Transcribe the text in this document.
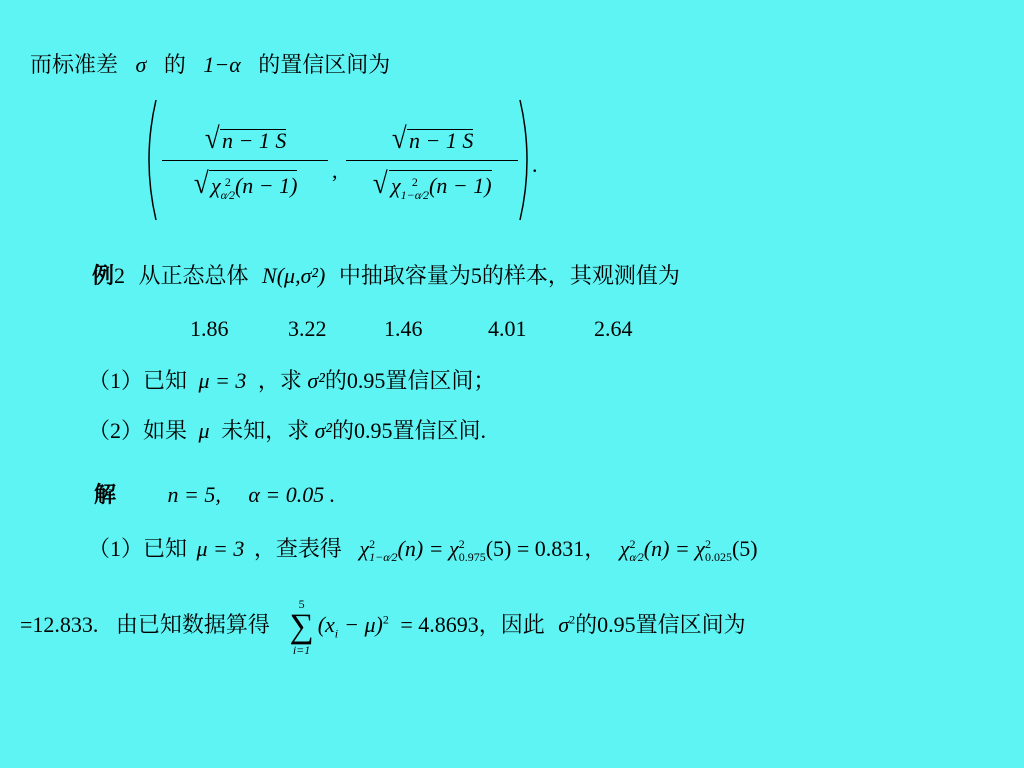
而标准差 σ 的 1−α 的置信区间为
√ n − 1 S
√ χ 2
α⁄2 (n − 1)
,
√ n − 1 S
√ χ 2
1−α⁄2 (n − 1)
.
例2 从正态总体 N(μ,σ²) 中抽取容量为5的样本，其观测值为
1.86	3.22	1.46	4.01	2.64
（1）已知 μ = 3 ，求 σ²的0.95置信区间；
（2）如果 μ 未知，求 σ²的0.95置信区间.
解 n = 5, α = 0.05 .
（1）已知 μ = 3 ，查表得 χ 2
1−α⁄2 (n) = χ 2
0.975 (5) = 0.831， χ 2
α⁄2 (n) = χ 2
0.025 (5)
=12.833. 由已知数据算得
5
∑
i=1
$(x_i - \mu)^2 = 4.8693$，因此 $\sigma^2$的0.95置信区间为
